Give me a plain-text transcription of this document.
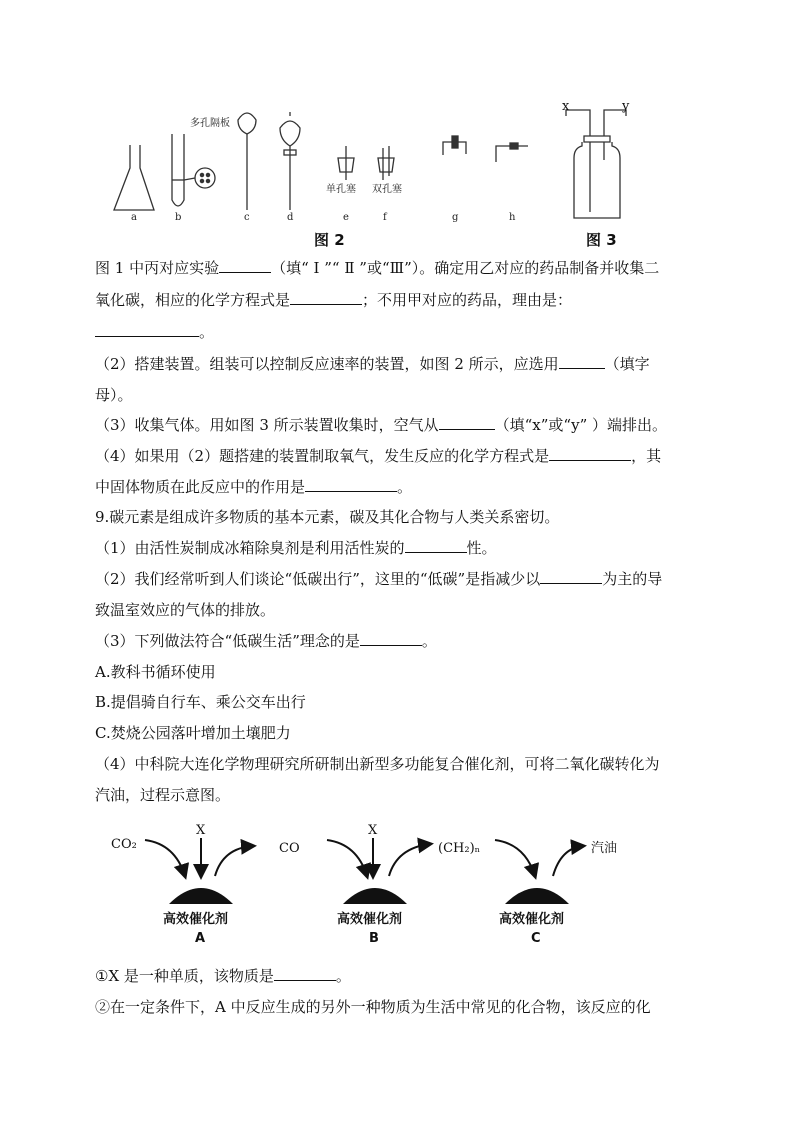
多孔隔板
单孔塞 双孔塞
a	b	c	d	e	f	g	h
图 2
x	y
图 3
图 1 中丙对应实验	（填“ Ⅰ ”“ Ⅱ ”或“Ⅲ”）。确定用乙对应的药品制备并收集二
氧化碳，相应的化学方程式是	；不用甲对应的药品，理由是：
。
（2）搭建装置。组装可以控制反应速率的装置，如图 2 所示，应选用	（填字
母）。
（3）收集气体。用如图 3 所示装置收集时，空气从	（填“x”或“y” ）端排出。
（4）如果用（2）题搭建的装置制取氧气，发生反应的化学方程式是	，其
中固体物质在此反应中的作用是	。
9.碳元素是组成许多物质的基本元素，碳及其化合物与人类关系密切。
（1）由活性炭制成冰箱除臭剂是利用活性炭的	性。
（2）我们经常听到人们谈论“低碳出行”，这里的“低碳”是指减少以	为主的导
致温室效应的气体的排放。
（3）下列做法符合“低碳生活”理念的是	。
A.教科书循环使用
B.提倡骑自行车、乘公交车出行
C.焚烧公园落叶增加土壤肥力
（4）中科院大连化学物理研究所研制出新型多功能复合催化剂，可将二氧化碳转化为
汽油，过程示意图。
CO₂
X
CO
X
(CH₂)ₙ	汽油
高效催化剂	高效催化剂	高效催化剂
A	B	C
①X 是一种单质，该物质是	。
②在一定条件下，A 中反应生成的另外一种物质为生活中常见的化合物，该反应的化
